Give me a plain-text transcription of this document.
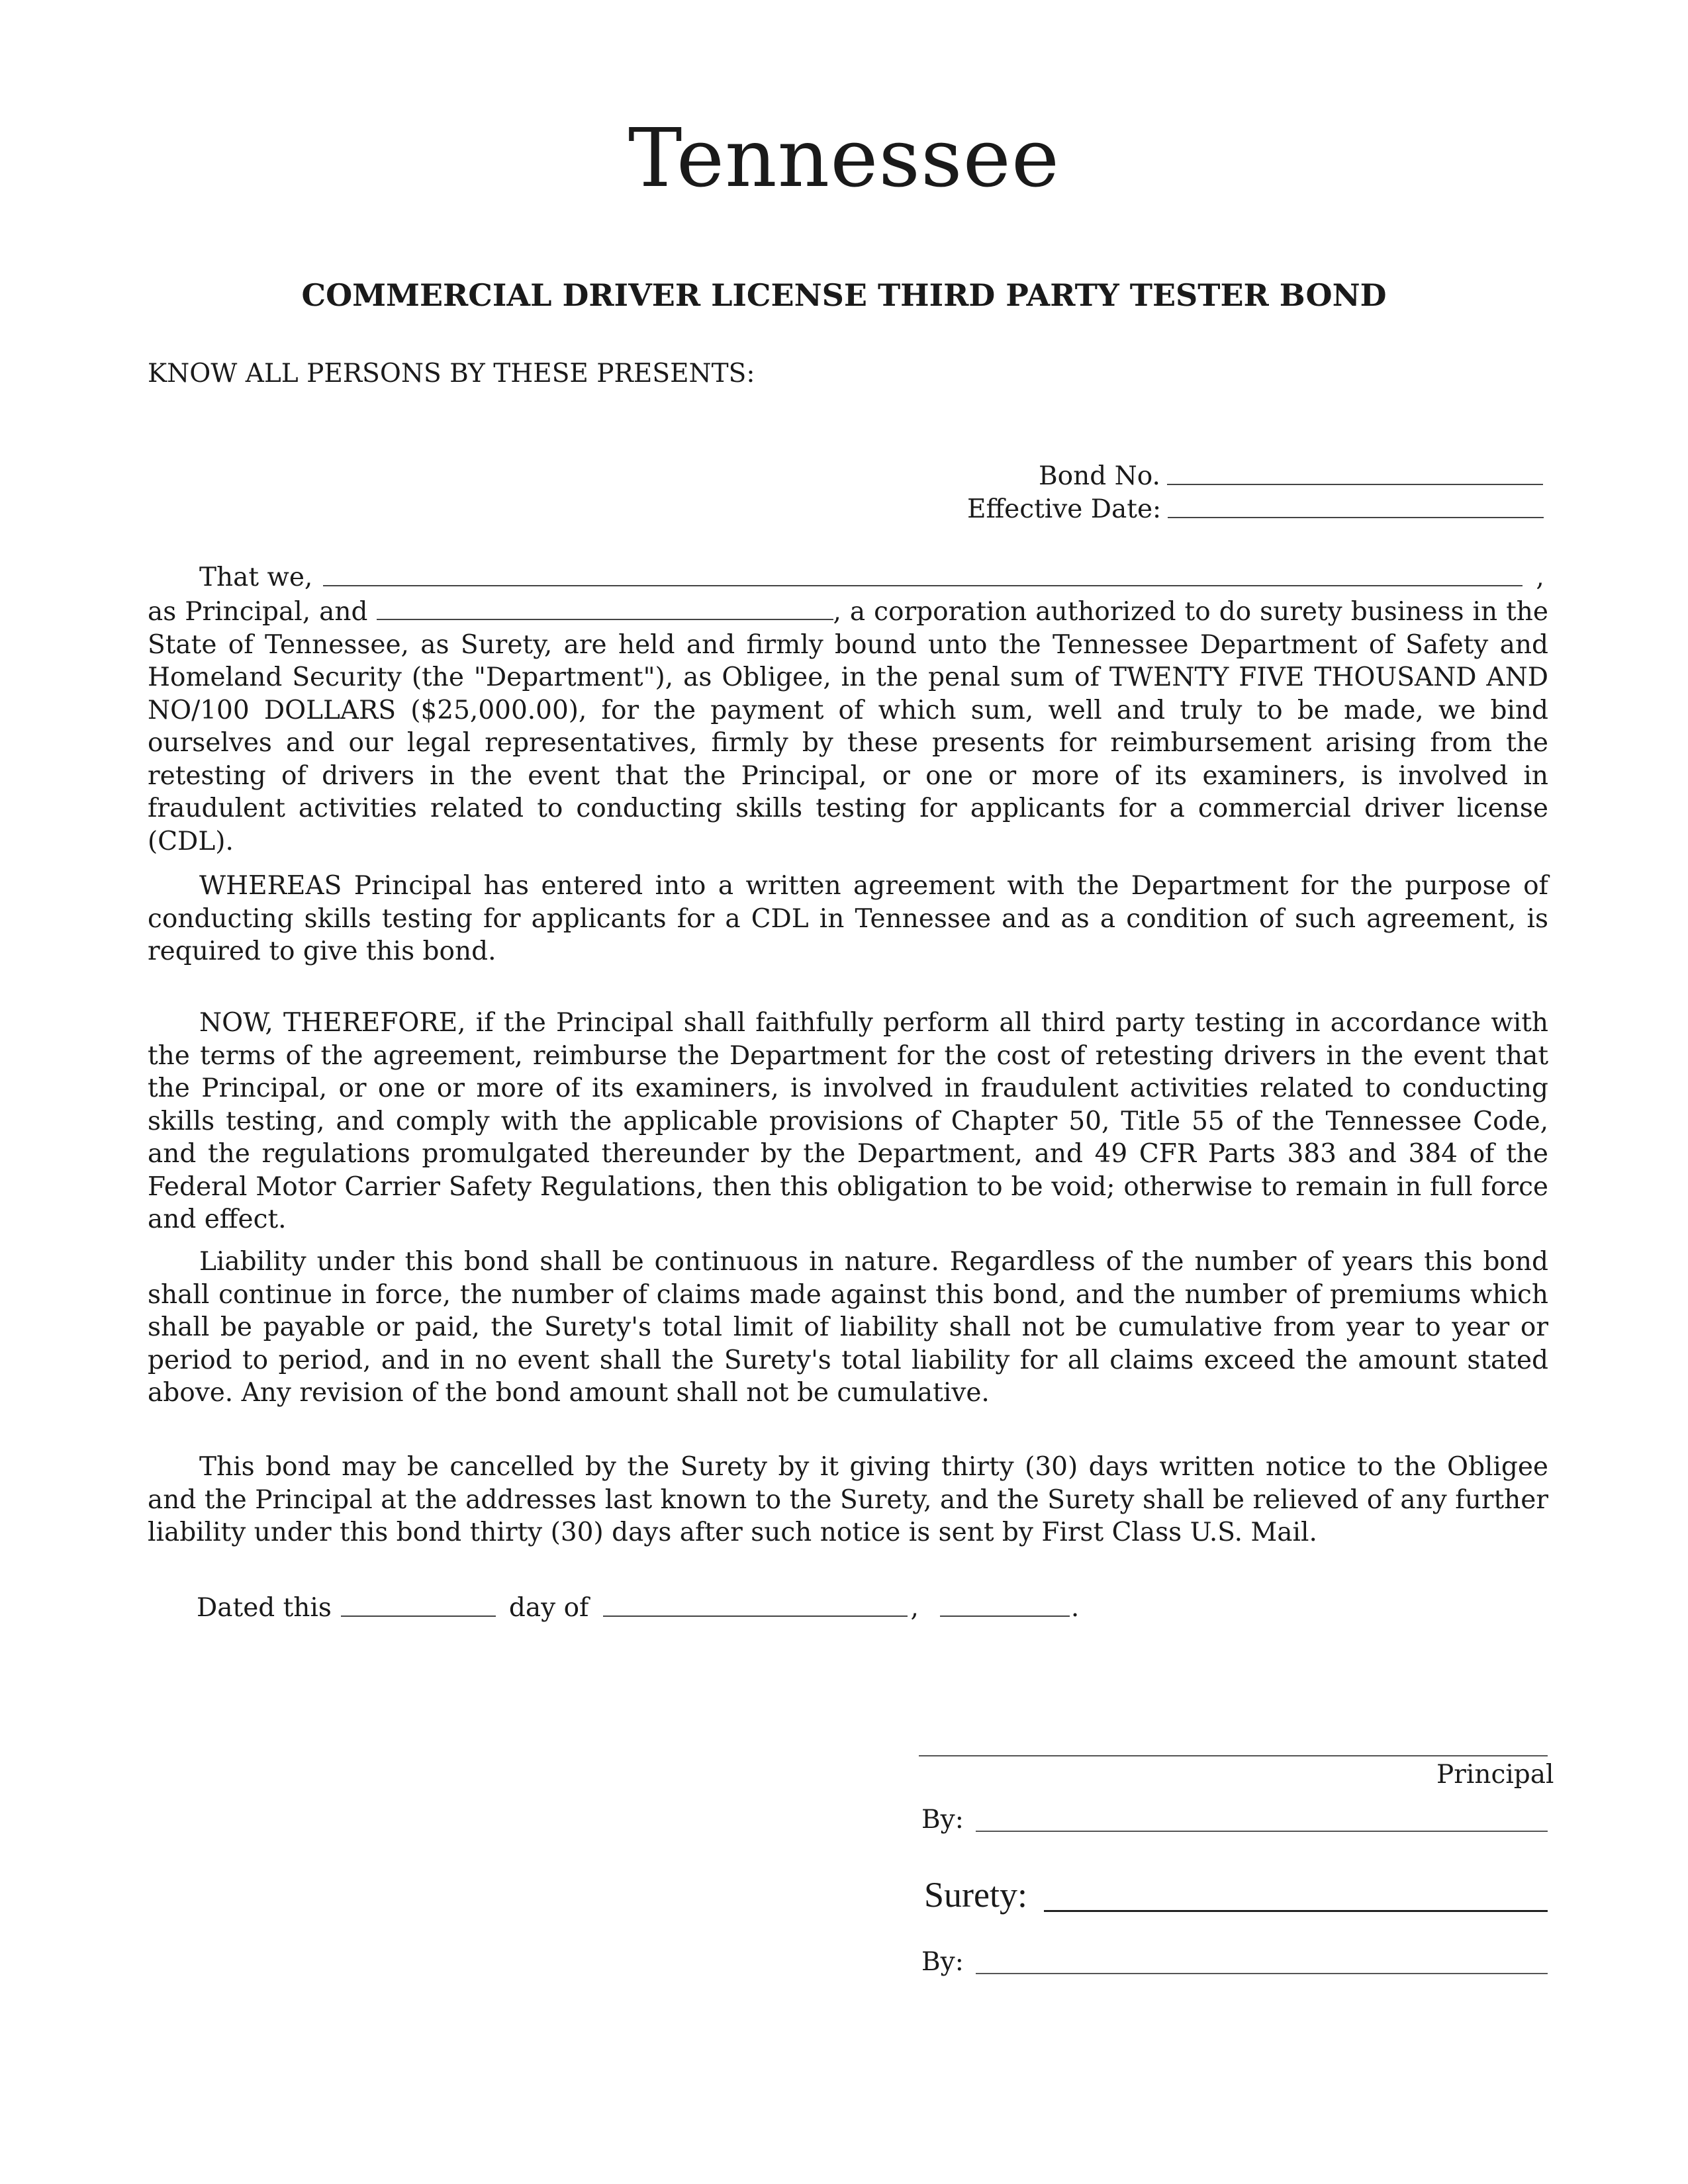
Tennessee
COMMERCIAL DRIVER LICENSE THIRD PARTY TESTER BOND
KNOW ALL PERSONS BY THESE PRESENTS:
Bond No.
Effective Date:
That we,	,

as Principal, and	, a corporation authorized to do surety business in the State of Tennessee, as Surety, are held and firmly bound unto the Tennessee Department of Safety and Homeland Security (the "Department"), as Obligee, in the penal sum of TWENTY FIVE THOUSAND AND NO/100 DOLLARS ($25,000.00), for the payment of which sum, well and truly to be made, we bind ourselves and our legal representatives, firmly by these presents for reimbursement arising from the retesting of drivers in the event that the Principal, or one or more of its examiners, is involved in fraudulent activities related to conducting skills testing for applicants for a commercial driver license (CDL).

WHEREAS Principal has entered into a written agreement with the Department for the purpose of conducting skills testing for applicants for a CDL in Tennessee and as a condition of such agreement, is required to give this bond.

NOW, THEREFORE, if the Principal shall faithfully perform all third party testing in accordance with the terms of the agreement, reimburse the Department for the cost of retesting drivers in the event that the Principal, or one or more of its examiners, is involved in fraudulent activities related to conducting skills testing, and comply with the applicable provisions of Chapter 50, Title 55 of the Tennessee Code, and the regulations promulgated thereunder by the Department, and 49 CFR Parts 383 and 384 of the Federal Motor Carrier Safety Regulations, then this obligation to be void; otherwise to remain in full force and effect.

Liability under this bond shall be continuous in nature. Regardless of the number of years this bond shall continue in force, the number of claims made against this bond, and the number of premiums which shall be payable or paid, the Surety's total limit of liability shall not be cumulative from year to year or period to period, and in no event shall the Surety's total liability for all claims exceed the amount stated above. Any revision of the bond amount shall not be cumulative.

This bond may be cancelled by the Surety by it giving thirty (30) days written notice to the Obligee and the Principal at the addresses last known to the Surety, and the Surety shall be relieved of any further liability under this bond thirty (30) days after such notice is sent by First Class U.S. Mail.

Dated this	day of	,	.
Principal
By:
Surety:
By:
